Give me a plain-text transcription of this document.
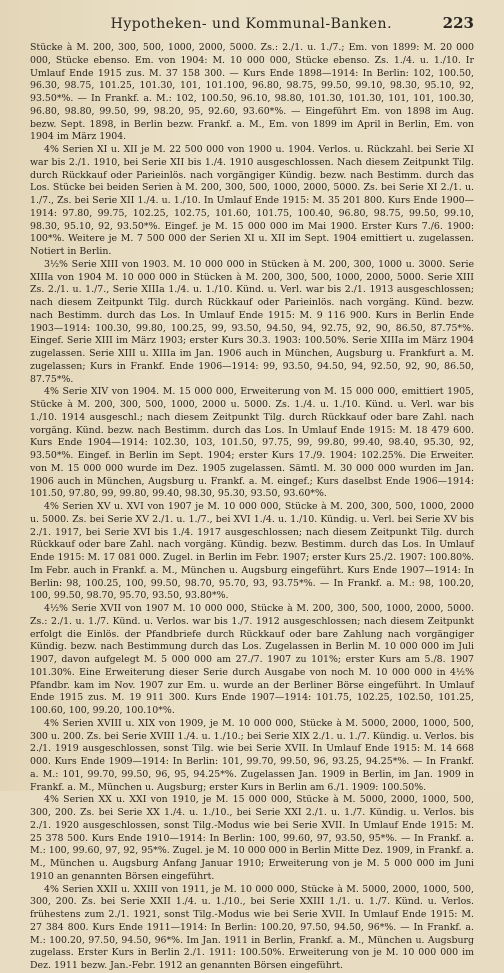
Hypotheken- und Kommunal-Banken.	223

Stücke à M. 200, 300, 500, 1000, 2000, 5000. Zs.: 2./1. u. 1./7.; Em. von 1899: M. 20 000 000, Stücke ebenso. Em. von 1904: M. 10 000 000, Stücke ebenso. Zs. 1./4. u. 1./10. Ir Umlauf Ende 1915 zus. M. 37 158 300. — Kurs Ende 1898—1914: In Berlin: 102, 100.50, 96.30, 98.75, 101.25, 101.30, 101, 101.100, 96.80, 98.75, 99.50, 99.10, 98.30, 95.10, 92, 93.50*%. — In Frankf. a. M.: 102, 100.50, 96.10, 98.80, 101.30, 101.30, 101, 101, 100.30, 96.80, 98.80, 99.50, 99, 98.20, 95, 92.60, 93.60*%. — Eingeführt Em. von 1898 im Aug. bezw. Sept. 1898, in Berlin bezw. Frankf. a. M., Em. von 1899 im April in Berlin, Em. von 1904 im März 1904.

4% Serien XI u. XII je M. 22 500 000 von 1900 u. 1904. Verlos. u. Rückzahl. bei Serie XI war bis 2./1. 1910, bei Serie XII bis 1./4. 1910 ausgeschlossen. Nach diesem Zeitpunkt Tilg. durch Rückkauf oder Parieinlös. nach vorgängiger Kündig. bezw. nach Bestimm. durch das Los. Stücke bei beiden Serien à M. 200, 300, 500, 1000, 2000, 5000. Zs. bei Serie XI 2./1. u. 1./7., Zs. bei Serie XII 1./4. u. 1./10. In Umlauf Ende 1915: M. 35 201 800. Kurs Ende 1900—1914: 97.80, 99.75, 102.25, 102.75, 101.60, 101.75, 100.40, 96.80, 98.75, 99.50, 99.10, 98.30, 95.10, 92, 93.50*%. Eingef. je M. 15 000 000 im Mai 1900. Erster Kurs 7./6. 1900: 100*%. Weitere je M. 7 500 000 der Serien XI u. XII im Sept. 1904 emittiert u. zugelassen. Notiert in Berlin.

3½% Serie XIII von 1903. M. 10 000 000 in Stücken à M. 200, 300, 1000 u. 3000. Serie XIIIa von 1904 M. 10 000 000 in Stücken à M. 200, 300, 500, 1000, 2000, 5000. Serie XIII Zs. 2./1. u. 1./7., Serie XIIIa 1./4. u. 1./10. Künd. u. Verl. war bis 2./1. 1913 ausgeschlossen; nach diesem Zeitpunkt Tilg. durch Rückkauf oder Parieinlös. nach vorgäng. Künd. bezw. nach Bestimm. durch das Los. In Umlauf Ende 1915: M. 9 116 900. Kurs in Berlin Ende 1903—1914: 100.30, 99.80, 100.25, 99, 93.50, 94.50, 94, 92.75, 92, 90, 86.50, 87.75*%. Eingef. Serie XIII im März 1903; erster Kurs 30.3. 1903: 100.50%. Serie XIIIa im März 1904 zugelassen. Serie XIII u. XIIIa im Jan. 1906 auch in München, Augsburg u. Frankfurt a. M. zugelassen; Kurs in Frankf. Ende 1906—1914: 99, 93.50, 94.50, 94, 92.50, 92, 90, 86.50, 87.75*%.

4% Serie XIV von 1904. M. 15 000 000, Erweiterung von M. 15 000 000, emittiert 1905, Stücke à M. 200, 300, 500, 1000, 2000 u. 5000. Zs. 1./4. u. 1./10. Künd. u. Verl. war bis 1./10. 1914 ausgeschl.; nach diesem Zeitpunkt Tilg. durch Rückkauf oder bare Zahl. nach vorgäng. Künd. bezw. nach Bestimm. durch das Los. In Umlauf Ende 1915: M. 18 479 600. Kurs Ende 1904—1914: 102.30, 103, 101.50, 97.75, 99, 99.80, 99.40, 98.40, 95.30, 92, 93.50*%. Eingef. in Berlin im Sept. 1904; erster Kurs 17./9. 1904: 102.25%. Die Erweiter. von M. 15 000 000 wurde im Dez. 1905 zugelassen. Sämtl. M. 30 000 000 wurden im Jan. 1906 auch in München, Augsburg u. Frankf. a. M. eingef.; Kurs daselbst Ende 1906—1914: 101.50, 97.80, 99, 99.80, 99.40, 98.30, 95.30, 93.50, 93.60*%.

4% Serien XV u. XVI von 1907 je M. 10 000 000, Stücke à M. 200, 300, 500, 1000, 2000 u. 5000. Zs. bei Serie XV 2./1. u. 1./7., bei XVI 1./4. u. 1./10. Kündig. u. Verl. bei Serie XV bis 2./1. 1917, bei Serie XVI bis 1./4. 1917 ausgeschlossen; nach diesem Zeitpunkt Tilg. durch Rückkauf oder bare Zahl. nach vorgäng. Kündig. bezw. Bestimm. durch das Los. In Umlauf Ende 1915: M. 17 081 000. Zugel. in Berlin im Febr. 1907; erster Kurs 25./2. 1907: 100.80%. Im Febr. auch in Frankf. a. M., München u. Augsburg eingeführt. Kurs Ende 1907—1914: In Berlin: 98, 100.25, 100, 99.50, 98.70, 95.70, 93, 93.75*%. — In Frankf. a. M.: 98, 100.20, 100, 99.50, 98.70, 95.70, 93.50, 93.80*%.

4½% Serie XVII von 1907 M. 10 000 000, Stücke à M. 200, 300, 500, 1000, 2000, 5000. Zs.: 2./1. u. 1./7. Künd. u. Verlos. war bis 1./7. 1912 ausgeschlossen; nach diesem Zeitpunkt erfolgt die Einlös. der Pfandbriefe durch Rückkauf oder bare Zahlung nach vorgängiger Kündig. bezw. nach Bestimmung durch das Los. Zugelassen in Berlin M. 10 000 000 im Juli 1907, davon aufgelegt M. 5 000 000 am 27./7. 1907 zu 101%; erster Kurs am 5./8. 1907 101.30%. Eine Erweiterung dieser Serie durch Ausgabe von noch M. 10 000 000 in 4½% Pfandbr. kam im Nov. 1907 zur Em. u. wurde an der Berliner Börse eingeführt. In Umlauf Ende 1915 zus. M. 19 911 300. Kurs Ende 1907—1914: 101.75, 102.25, 102.50, 101.25, 100.60, 100, 99.20, 100.10*%.

4% Serien XVIII u. XIX von 1909, je M. 10 000 000, Stücke à M. 5000, 2000, 1000, 500, 300 u. 200. Zs. bei Serie XVIII 1./4. u. 1./10.; bei Serie XIX 2./1. u. 1./7. Kündig. u. Verlos. bis 2./1. 1919 ausgeschlossen, sonst Tilg. wie bei Serie XVII. In Umlauf Ende 1915: M. 14 668 000. Kurs Ende 1909—1914: In Berlin: 101, 99.70, 99.50, 96, 93.25, 94.25*%. — In Frankf. a. M.: 101, 99.70, 99.50, 96, 95, 94.25*%. Zugelassen Jan. 1909 in Berlin, im Jan. 1909 in Frankf. a. M., München u. Augsburg; erster Kurs in Berlin am 6./1. 1909: 100.50%.

4% Serien XX u. XXI von 1910, je M. 15 000 000, Stücke à M. 5000, 2000, 1000, 500, 300, 200. Zs. bei Serie XX 1./4. u. 1./10., bei Serie XXI 2./1. u. 1./7. Kündig. u. Verlos. bis 2./1. 1920 ausgeschlossen, sonst Tilg.-Modus wie bei Serie XVII. In Umlauf Ende 1915: M. 25 378 500. Kurs Ende 1910—1914: In Berlin: 100, 99.60, 97, 93.50, 95*%. — In Frankf. a. M.: 100, 99.60, 97, 92, 95*%. Zugel. je M. 10 000 000 in Berlin Mitte Dez. 1909, in Frankf. a. M., München u. Augsburg Anfang Januar 1910; Erweiterung von je M. 5 000 000 im Juni 1910 an genannten Börsen eingeführt.

4% Serien XXII u. XXIII von 1911, je M. 10 000 000, Stücke à M. 5000, 2000, 1000, 500, 300, 200. Zs. bei Serie XXII 1./4. u. 1./10., bei Serie XXIII 1./1. u. 1./7. Künd. u. Verlos. frühestens zum 2./1. 1921, sonst Tilg.-Modus wie bei Serie XVII. In Umlauf Ende 1915: M. 27 384 800. Kurs Ende 1911—1914: In Berlin: 100.20, 97.50, 94.50, 96*%. — In Frankf. a. M.: 100.20, 97.50, 94.50, 96*%. Im Jan. 1911 in Berlin, Frankf. a. M., München u. Augsburg zugelass. Erster Kurs in Berlin 2./1. 1911: 100.50%. Erweiterung von je M. 10 000 000 im Dez. 1911 bezw. Jan.-Febr. 1912 an genannten Börsen eingeführt.
